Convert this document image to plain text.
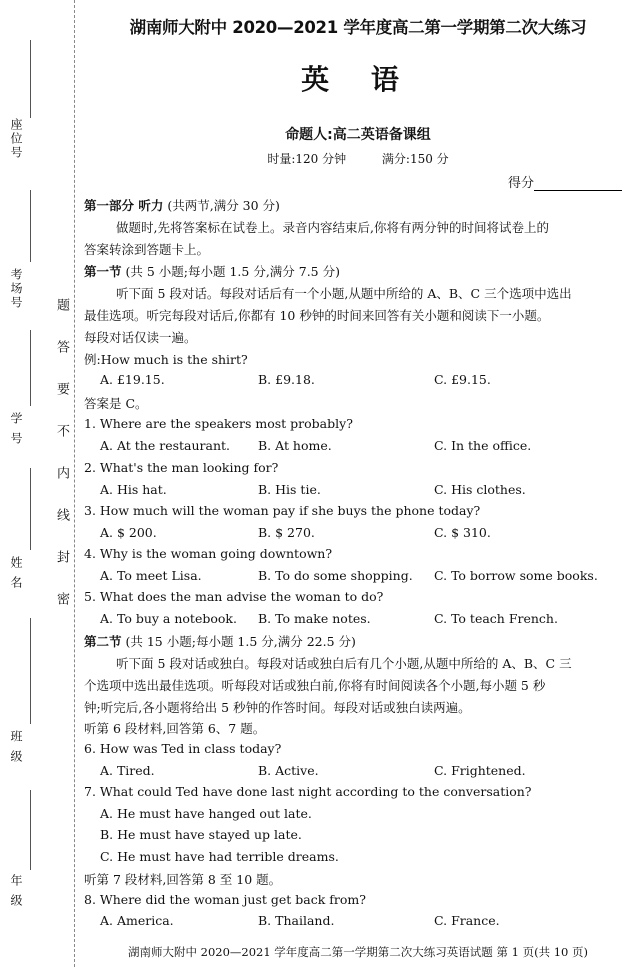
座位号
考场号
学 号
姓 名
班 级
年 级
题
答
要
不
内
线
封
密
湖南师大附中 2020—2021 学年度高二第一学期第二次大练习
英 语
命题人:高二英语备课组
时量:120 分钟	满分:150 分
得分
第一部分 听力 (共两节,满分 30 分)
做题时,先将答案标在试卷上。录音内容结束后,你将有两分钟的时间将试卷上的
答案转涂到答题卡上。
第一节 (共 5 小题;每小题 1.5 分,满分 7.5 分)
听下面 5 段对话。每段对话后有一个小题,从题中所给的 A、B、C 三个选项中选出
最佳选项。听完每段对话后,你都有 10 秒钟的时间来回答有关小题和阅读下一小题。
每段对话仅读一遍。
例:How much is the shirt?
A. £19.15.	B. £9.18.	C. £9.15.
答案是 C。
1. Where are the speakers most probably?
A. At the restaurant. B. At home.	C. In the office.
2. What's the man looking for?
A. His hat.	B. His tie.	C. His clothes.
3. How much will the woman pay if she buys the phone today?
A. $ 200.	B. $ 270.	C. $ 310.
4. Why is the woman going downtown?
A. To meet Lisa.	B. To do some shopping. C. To borrow some books.
5. What does the man advise the woman to do?
A. To buy a notebook. B. To make notes.	C. To teach French.
第二节 (共 15 小题;每小题 1.5 分,满分 22.5 分)
听下面 5 段对话或独白。每段对话或独白后有几个小题,从题中所给的 A、B、C 三
个选项中选出最佳选项。听每段对话或独白前,你将有时间阅读各个小题,每小题 5 秒
钟;听完后,各小题将给出 5 秒钟的作答时间。每段对话或独白读两遍。
听第 6 段材料,回答第 6、7 题。
6. How was Ted in class today?
A. Tired.	B. Active.	C. Frightened.
7. What could Ted have done last night according to the conversation?
A. He must have hanged out late.
B. He must have stayed up late.
C. He must have had terrible dreams.
听第 7 段材料,回答第 8 至 10 题。
8. Where did the woman just get back from?
A. America.	B. Thailand.	C. France.
湖南师大附中 2020—2021 学年度高二第一学期第二次大练习英语试题 第 1 页(共 10 页)
